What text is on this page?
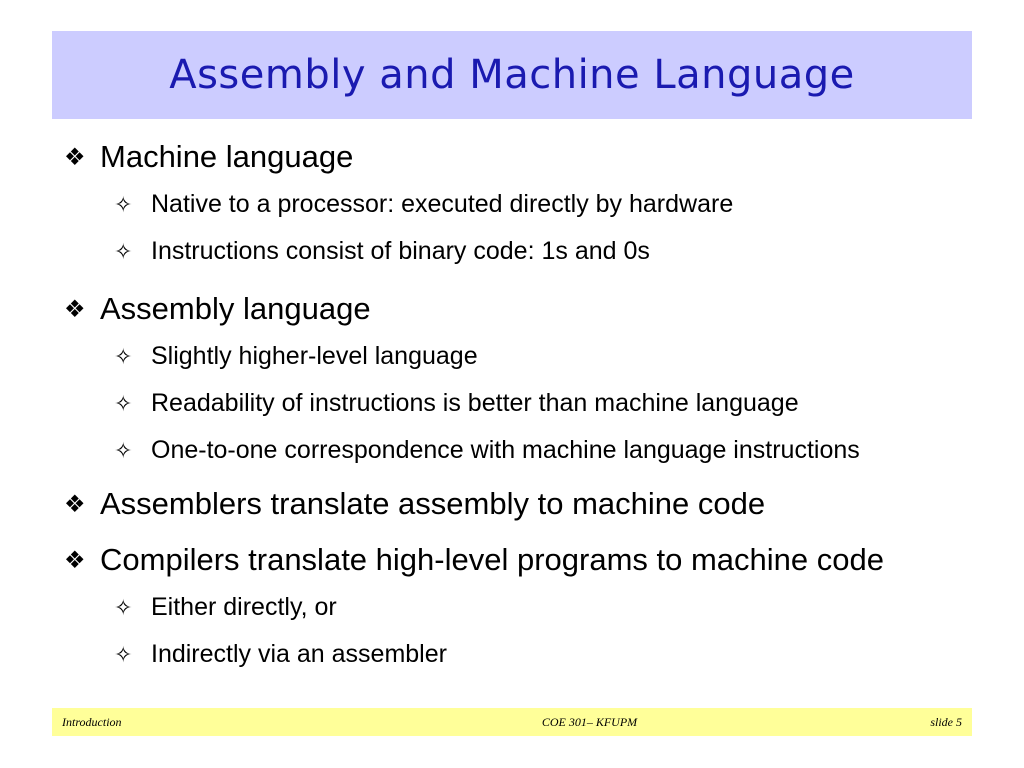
Assembly and Machine Language
❖ Machine language
✧ Native to a processor: executed directly by hardware
✧ Instructions consist of binary code: 1s and 0s
❖ Assembly language
✧ Slightly higher-level language
✧ Readability of instructions is better than machine language
✧ One-to-one correspondence with machine language instructions
❖ Assemblers translate assembly to machine code
❖ Compilers translate high-level programs to machine code
✧ Either directly, or
✧ Indirectly via an assembler
Introduction	COE 301– KFUPM	slide 5
